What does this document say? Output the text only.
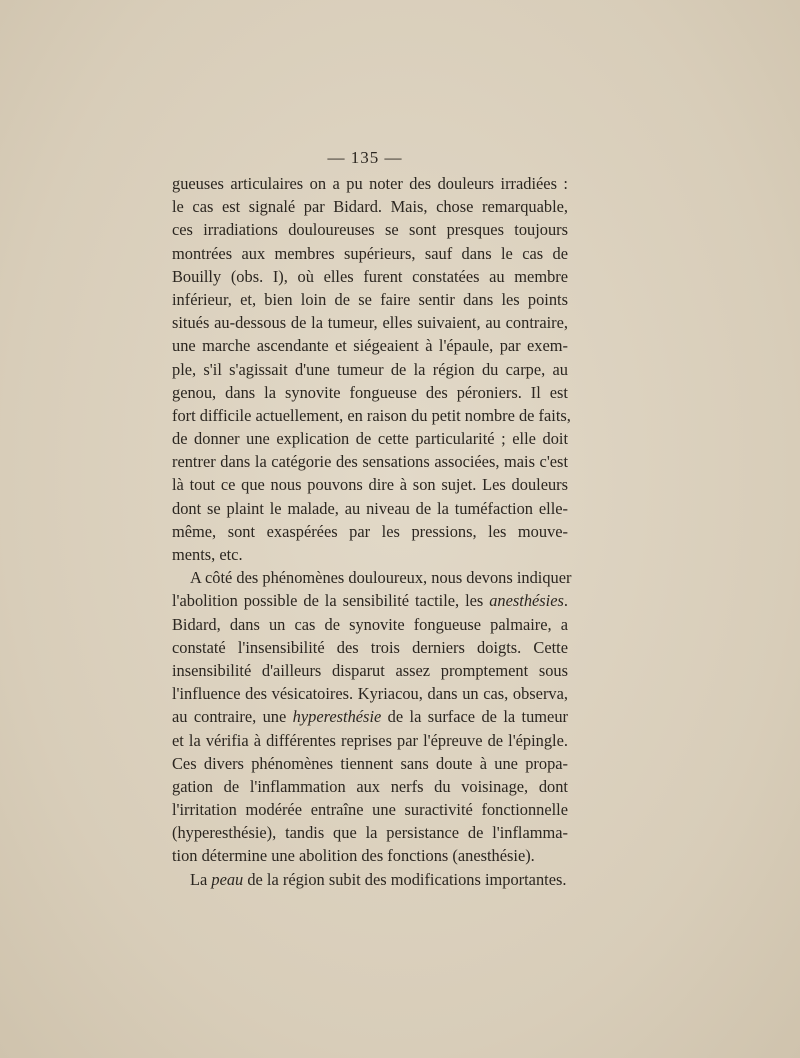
— 135 —
gueuses articulaires on a pu noter des douleurs irradiées :
le cas est signalé par Bidard. Mais, chose remarquable,
ces irradiations douloureuses se sont presques toujours
montrées aux membres supérieurs, sauf dans le cas de
Bouilly (obs. I), où elles furent constatées au membre
inférieur, et, bien loin de se faire sentir dans les points
situés au-dessous de la tumeur, elles suivaient, au contraire,
une marche ascendante et siégeaient à l'épaule, par exem-
ple, s'il s'agissait d'une tumeur de la région du carpe, au
genou, dans la synovite fongueuse des péroniers. Il est
fort difficile actuellement, en raison du petit nombre de faits,
de donner une explication de cette particularité ; elle doit
rentrer dans la catégorie des sensations associées, mais c'est
là tout ce que nous pouvons dire à son sujet. Les douleurs
dont se plaint le malade, au niveau de la tuméfaction elle-
même, sont exaspérées par les pressions, les mouve-
ments, etc.
A côté des phénomènes douloureux, nous devons indiquer
l'abolition possible de la sensibilité tactile, les anesthésies.
Bidard, dans un cas de synovite fongueuse palmaire, a
constaté l'insensibilité des trois derniers doigts. Cette
insensibilité d'ailleurs disparut assez promptement sous
l'influence des vésicatoires. Kyriacou, dans un cas, observa,
au contraire, une hyperesthésie de la surface de la tumeur
et la vérifia à différentes reprises par l'épreuve de l'épingle.
Ces divers phénomènes tiennent sans doute à une propa-
gation de l'inflammation aux nerfs du voisinage, dont
l'irritation modérée entraîne une suractivité fonctionnelle
(hyperesthésie), tandis que la persistance de l'inflamma-
tion détermine une abolition des fonctions (anesthésie).
La peau de la région subit des modifications importantes.
